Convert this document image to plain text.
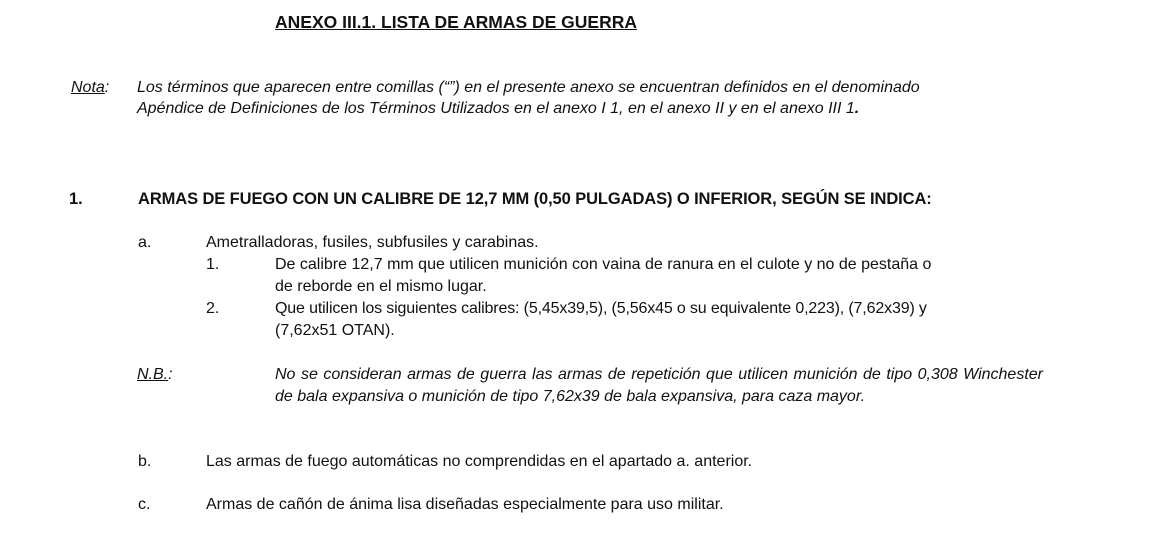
ANEXO III.1. LISTA DE ARMAS DE GUERRA
Nota: Los términos que aparecen entre comillas (“”) en el presente anexo se encuentran definidos en el denominado
Apéndice de Definiciones de los Términos Utilizados en el anexo I 1, en el anexo II y en el anexo III 1.
1.	ARMAS DE FUEGO CON UN CALIBRE DE 12,7 MM (0,50 PULGADAS) O INFERIOR, SEGÚN SE INDICA:
a.	Ametralladoras, fusiles, subfusiles y carabinas.
1.	De calibre 12,7 mm que utilicen munición con vaina de ranura en el culote y no de pestaña o
de reborde en el mismo lugar.
2.	Que utilicen los siguientes calibres: (5,45x39,5), (5,56x45 o su equivalente 0,223), (7,62x39) y
(7,62x51 OTAN).
N.B.:	No se consideran armas de guerra las armas de repetición que utilicen munición de tipo 0,308 Winchester de bala expansiva o munición de tipo 7,62x39 de bala expansiva, para caza mayor.
b.	Las armas de fuego automáticas no comprendidas en el apartado a. anterior.
c.	Armas de cañón de ánima lisa diseñadas especialmente para uso militar.
